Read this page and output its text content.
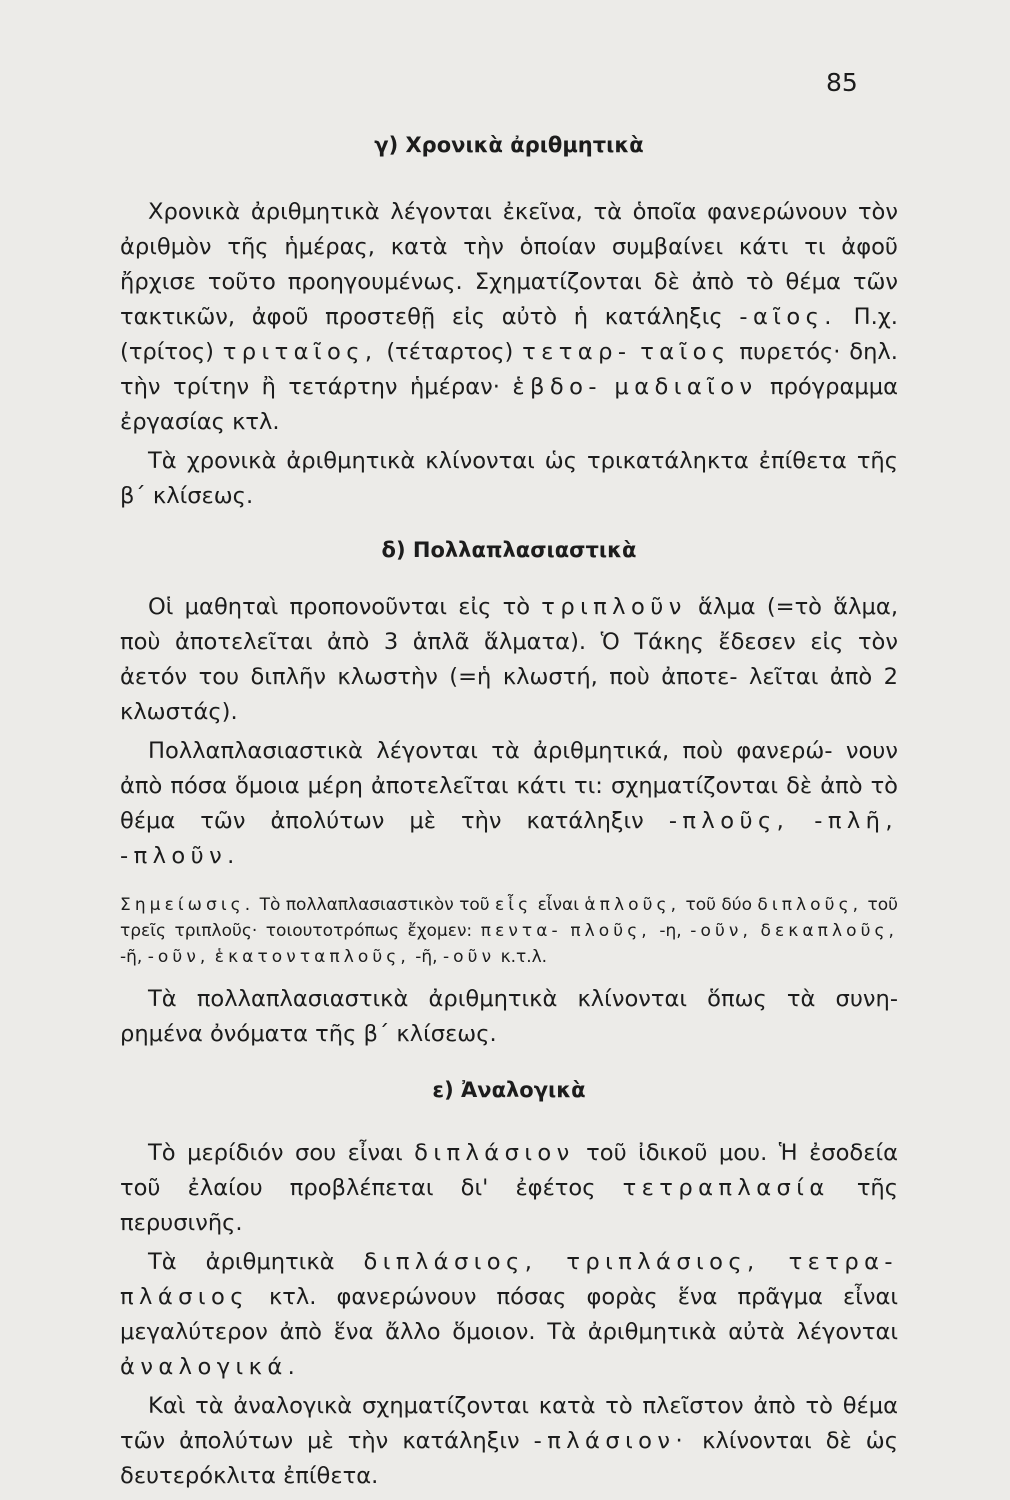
85
γ) Χρονικὰ ἀριθμητικὰ

Χρονικὰ ἀριθμητικὰ λέγονται ἐκεῖνα, τὰ ὁποῖα φανερώνουν τὸν ἀριθμὸν τῆς ἡμέρας, κατὰ τὴν ὁποίαν συμβαίνει κάτι τι ἀφοῦ ἤρχισε τοῦτο προηγουμένως. Σχηματίζονται δὲ ἀπὸ τὸ θέμα τῶν τακτικῶν, ἀφοῦ προστεθῇ εἰς αὐτὸ ἡ κατάληξις -αῖος. Π.χ. (τρίτος) τριταῖος, (τέταρτος) τεταρ- ταῖος πυρετός· δηλ. τὴν τρίτην ἢ τετάρτην ἡμέραν· ἑβδο- μαδιαῖον πρόγραμμα ἐργασίας κτλ.

Τὰ χρονικὰ ἀριθμητικὰ κλίνονται ὡς τρικατάληκτα ἐπίθετα τῆς β΄ κλίσεως.

δ) Πολλαπλασιαστικὰ

Οἱ μαθηταὶ προπονοῦνται εἰς τὸ τριπλοῦν ἅλμα (=τὸ ἅλμα, ποὺ ἀποτελεῖται ἀπὸ 3 ἁπλᾶ ἅλματα). Ὁ Τάκης ἔδεσεν εἰς τὸν ἀετόν του διπλῆν κλωστὴν (=ἡ κλωστή, ποὺ ἀποτε- λεῖται ἀπὸ 2 κλωστάς).

Πολλαπλασιαστικὰ λέγονται τὰ ἀριθμητικά, ποὺ φανερώ- νουν ἀπὸ πόσα ὅμοια μέρη ἀποτελεῖται κάτι τι: σχηματίζονται δὲ ἀπὸ τὸ θέμα τῶν ἀπολύτων μὲ τὴν κατάληξιν -πλοῦς, -πλῆ, -πλοῦν.

Σημείωσις. Τὸ πολλαπλασιαστικὸν τοῦ εἷς εἶναι ἁπλοῦς, τοῦ δύο διπλοῦς, τοῦ τρεῖς τριπλοῦς· τοιουτοτρόπως ἔχομεν: πεντα- πλοῦς, -η, -οῦν, δεκαπλοῦς, -ῆ, -οῦν, ἑκατονταπλοῦς, -ῆ, -οῦν κ.τ.λ.

Τὰ πολλαπλασιαστικὰ ἀριθμητικὰ κλίνονται ὅπως τὰ συνη- ρημένα ὀνόματα τῆς β΄ κλίσεως.

ε) Ἀναλογικὰ

Τὸ μερίδιόν σου εἶναι διπλάσιον τοῦ ἰδικοῦ μου. Ἡ ἐσοδεία τοῦ ἐλαίου προβλέπεται δι' ἐφέτος τετραπλασία τῆς περυσινῆς.

Τὰ ἀριθμητικὰ διπλάσιος, τριπλάσιος, τετρα- πλάσιος κτλ. φανερώνουν πόσας φορὰς ἕνα πρᾶγμα εἶναι μεγαλύτερον ἀπὸ ἕνα ἄλλο ὅμοιον. Τὰ ἀριθμητικὰ αὐτὰ λέγονται ἀναλογικά.

Καὶ τὰ ἀναλογικὰ σχηματίζονται κατὰ τὸ πλεῖστον ἀπὸ τὸ θέμα τῶν ἀπολύτων μὲ τὴν κατάληξιν -πλάσιον· κλίνονται δὲ ὡς δευτερόκλιτα ἐπίθετα.
